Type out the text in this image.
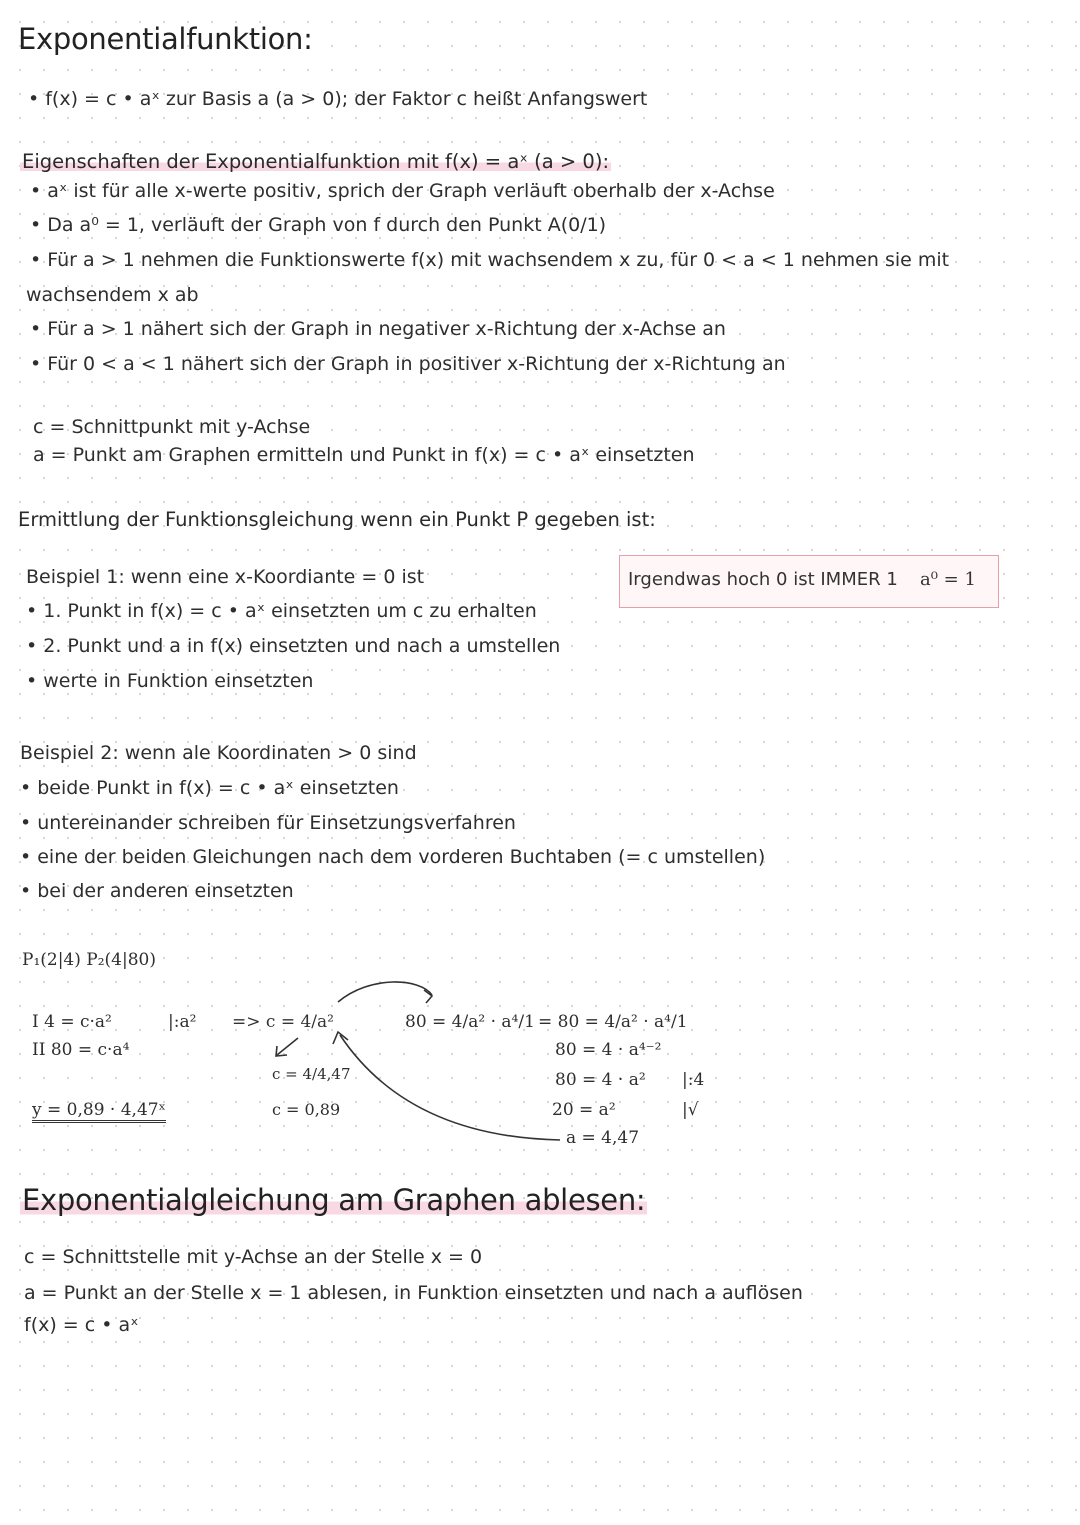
Exponentialfunktion:
• f(x) = c • aˣ zur Basis a (a > 0); der Faktor c heißt Anfangswert
Eigenschaften der Exponentialfunktion mit f(x) = aˣ (a > 0):
• aˣ ist für alle x-werte positiv, sprich der Graph verläuft oberhalb der x-Achse
• Da a⁰ = 1, verläuft der Graph von f durch den Punkt A(0/1)
• Für a > 1 nehmen die Funktionswerte f(x) mit wachsendem x zu, für 0 < a < 1 nehmen sie mit
wachsendem x ab
• Für a > 1 nähert sich der Graph in negativer x-Richtung der x-Achse an
• Für 0 < a < 1 nähert sich der Graph in positiver x-Richtung der x-Richtung an
c = Schnittpunkt mit y-Achse
a = Punkt am Graphen ermitteln und Punkt in f(x) = c • aˣ einsetzten
Ermittlung der Funktionsgleichung wenn ein Punkt P gegeben ist:
Beispiel 1: wenn eine x-Koordiante = 0 ist
• 1. Punkt in f(x) = c • aˣ einsetzten um c zu erhalten
• 2. Punkt und a in f(x) einsetzten und nach a umstellen
• werte in Funktion einsetzten
Irgendwas hoch 0 ist IMMER 1 a⁰ = 1
Beispiel 2: wenn ale Koordinaten > 0 sind
• beide Punkt in f(x) = c • aˣ einsetzten
• untereinander schreiben für Einsetzungsverfahren
• eine der beiden Gleichungen nach dem vorderen Buchtaben (= c umstellen)
• bei der anderen einsetzten
P₁(2|4) P₂(4|80)
I 4 = c·a²	|:a² => c = 4/a²
II 80 = c·a⁴
c = 4/4,47
c = 0,89
y = 0,89 · 4,47ˣ
80 = 4/a² · a⁴/1 = 80 = 4/a² · a⁴/1
80 = 4 · a⁴⁻²
80 = 4 · a² |:4
20 = a²	|√
a = 4,47
Exponentialgleichung am Graphen ablesen:
c = Schnittstelle mit y-Achse an der Stelle x = 0
a = Punkt an der Stelle x = 1 ablesen, in Funktion einsetzten und nach a auflösen
f(x) = c • aˣ
